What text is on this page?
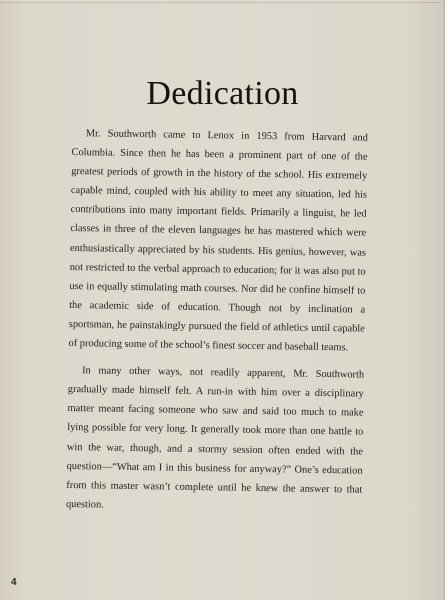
Dedication

Mr. Southworth came to Lenox in 1953 from Harvard and Columbia. Since then he has been a prominent part of one of the greatest periods of growth in the history of the school. His extremely capable mind, coupled with his ability to meet any situation, led his contributions into many important fields. Primarily a linguist, he led classes in three of the eleven languages he has mastered which were enthusiastically appreciated by his students. His genius, however, was not restricted to the verbal approach to education; for it was also put to use in equally stimulating math courses. Nor did he confine himself to the academic side of education. Though not by inclination a sportsman, he painstakingly pursued the field of athletics until capable of producing some of the school’s finest soccer and baseball teams.

In many other ways, not readily apparent, Mr. Southworth gradually made himself felt. A run-in with him over a disciplinary matter meant facing someone who saw and said too much to make lying possible for very long. It generally took more than one battle to win the war, though, and a stormy session often ended with the question—“What am I in this business for anyway?” One’s education from this master wasn’t complete until he knew the answer to that question.

4
